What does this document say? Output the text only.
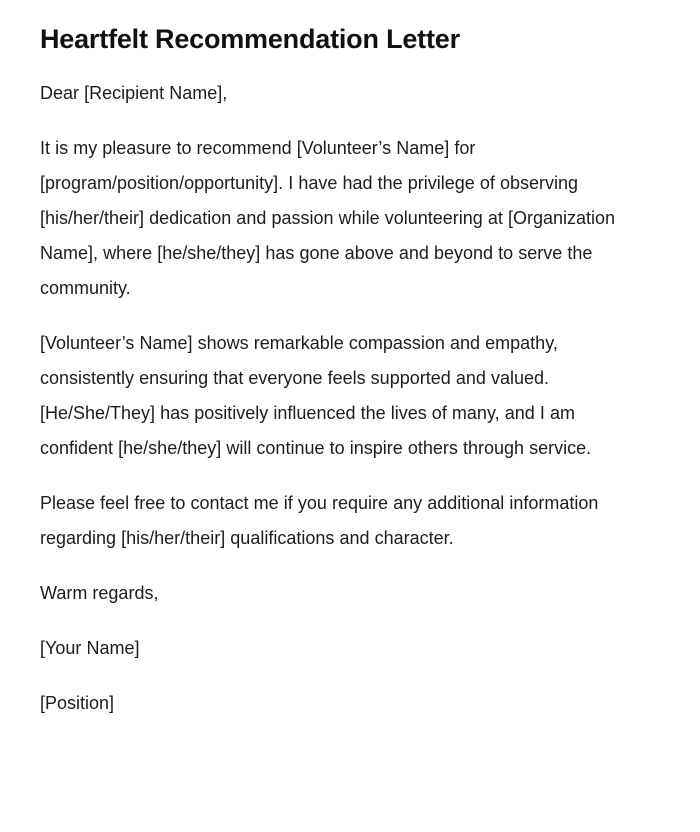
Heartfelt Recommendation Letter

Dear [Recipient Name],

It is my pleasure to recommend [Volunteer’s Name] for [program/position/opportunity]. I have had the privilege of observing [his/her/their] dedication and passion while volunteering at [Organization Name], where [he/she/they] has gone above and beyond to serve the community.

[Volunteer’s Name] shows remarkable compassion and empathy, consistently ensuring that everyone feels supported and valued. [He/She/They] has positively influenced the lives of many, and I am confident [he/she/they] will continue to inspire others through service.

Please feel free to contact me if you require any additional information regarding [his/her/their] qualifications and character.

Warm regards,

[Your Name]

[Position]
